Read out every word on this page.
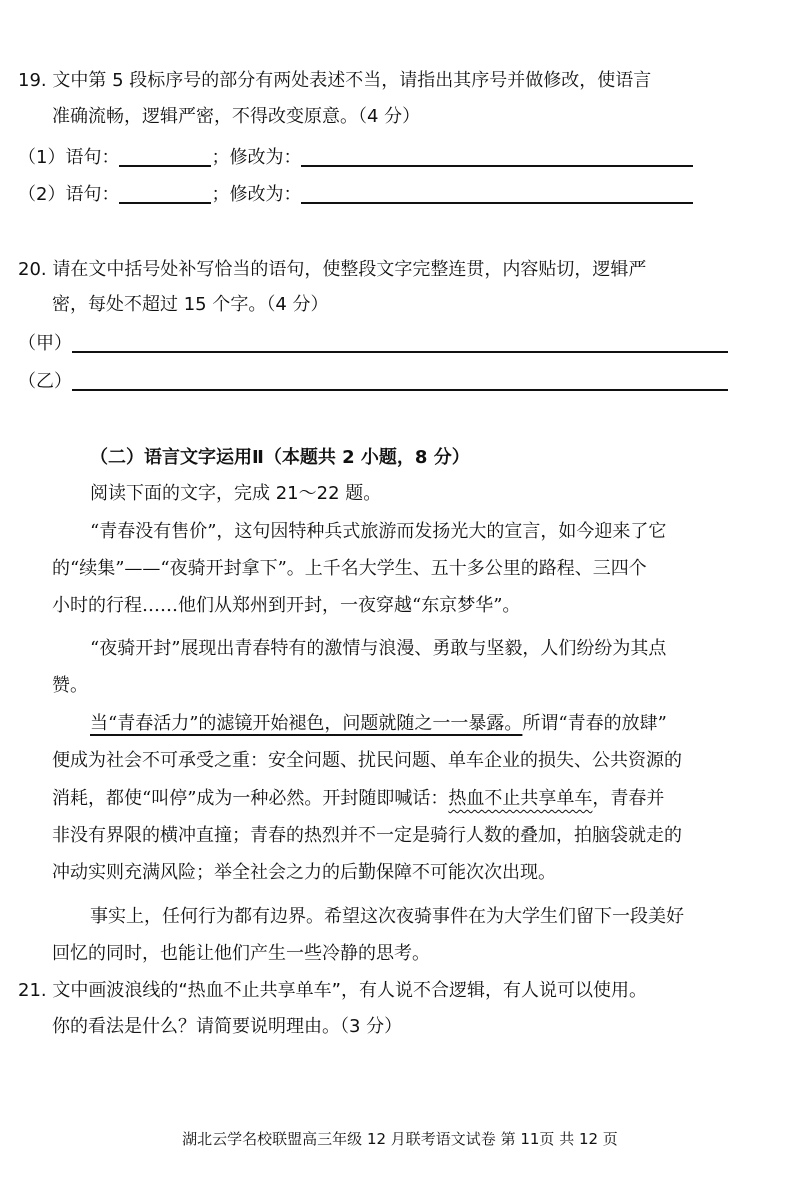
19. 文中第 5 段标序号的部分有两处表述不当，请指出其序号并做修改，使语言
准确流畅，逻辑严密，不得改变原意。（4 分）
（1）语句：	；修改为：
（2）语句：	；修改为：
20. 请在文中括号处补写恰当的语句，使整段文字完整连贯，内容贴切，逻辑严
密，每处不超过 15 个字。（4 分）
（甲）
（乙）
（二）语言文字运用Ⅱ（本题共 2 小题，8 分）
阅读下面的文字，完成 21～22 题。
“青春没有售价”，这句因特种兵式旅游而发扬光大的宣言，如今迎来了它
的“续集”——“夜骑开封拿下”。上千名大学生、五十多公里的路程、三四个
小时的行程……他们从郑州到开封，一夜穿越“东京梦华”。
“夜骑开封”展现出青春特有的激情与浪漫、勇敢与坚毅，人们纷纷为其点
赞。
当“青春活力”的滤镜开始褪色，问题就随之一一暴露。所谓“青春的放肆”
便成为社会不可承受之重：安全问题、扰民问题、单车企业的损失、公共资源的
消耗，都使“叫停”成为一种必然。开封随即喊话：热血不止共享单车，青春并
非没有界限的横冲直撞；青春的热烈并不一定是骑行人数的叠加，拍脑袋就走的
冲动实则充满风险；举全社会之力的后勤保障不可能次次出现。
事实上，任何行为都有边界。希望这次夜骑事件在为大学生们留下一段美好
回忆的同时，也能让他们产生一些冷静的思考。
21. 文中画波浪线的“热血不止共享单车”，有人说不合逻辑，有人说可以使用。
你的看法是什么？请简要说明理由。（3 分）
湖北云学名校联盟高三年级 12 月联考语文试卷 第 11页 共 12 页
